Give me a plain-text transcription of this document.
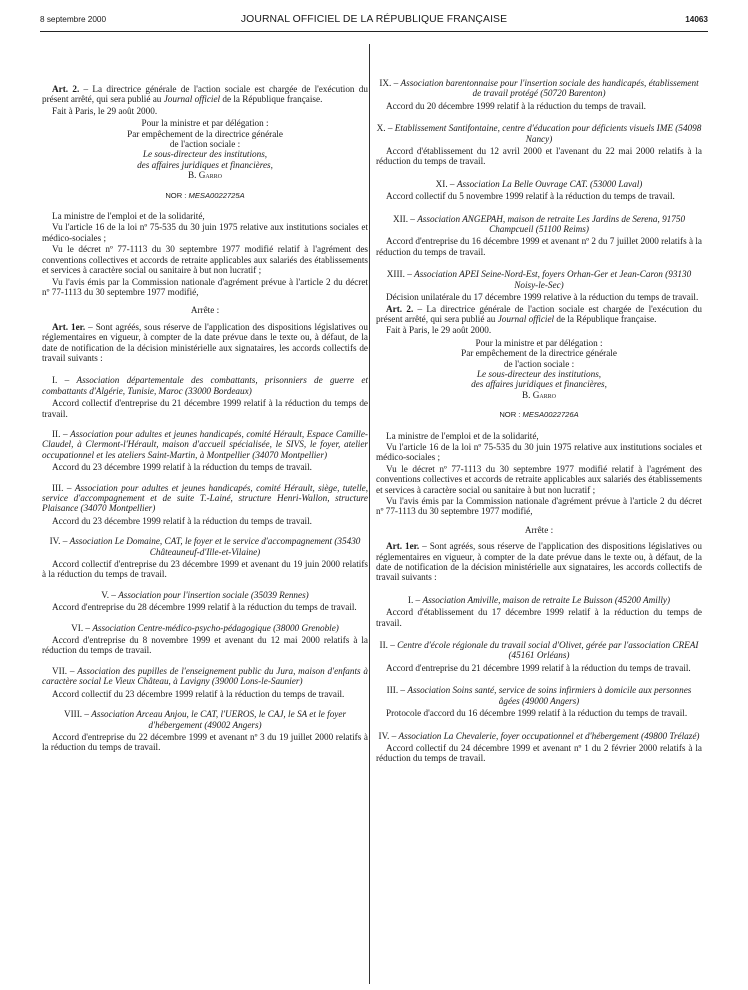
8 septembre 2000	JOURNAL OFFICIEL DE LA RÉPUBLIQUE FRANÇAISE	14063

Art. 2. – La directrice générale de l'action sociale est chargée de l'exécution du présent arrêté, qui sera publié au Journal officiel de la République française.

Fait à Paris, le 29 août 2000.

Pour la ministre et par délégation :
Par empêchement de la directrice générale
de l'action sociale :
Le sous-directeur des institutions,
des affaires juridiques et financières,
B. Garro
NOR : MESA0022725A

La ministre de l'emploi et de la solidarité,

Vu l'article 16 de la loi nº 75-535 du 30 juin 1975 relative aux institutions sociales et médico-sociales ;

Vu le décret nº 77-1113 du 30 septembre 1977 modifié relatif à l'agrément des conventions collectives et accords de retraite applicables aux salariés des établissements et services à caractère social ou sanitaire à but non lucratif ;

Vu l'avis émis par la Commission nationale d'agrément prévue à l'article 2 du décret nº 77-1113 du 30 septembre 1977 modifié,

Arrête :

Art. 1er. – Sont agréés, sous réserve de l'application des dispositions législatives ou réglementaires en vigueur, à compter de la date prévue dans le texte ou, à défaut, de la date de notification de la décision ministérielle aux signataires, les accords collectifs de travail suivants :

I. – Association départementale des combattants, prisonniers de guerre et combattants d'Algérie, Tunisie, Maroc (33000 Bordeaux)

Accord collectif d'entreprise du 21 décembre 1999 relatif à la réduction du temps de travail.

II. – Association pour adultes et jeunes handicapés, comité Hérault, Espace Camille-Claudel, à Clermont-l'Hérault, maison d'accueil spécialisée, le SIVS, le foyer, atelier occupationnel et les ateliers Saint-Martin, à Montpellier (34070 Montpellier)

Accord du 23 décembre 1999 relatif à la réduction du temps de travail.

III. – Association pour adultes et jeunes handicapés, comité Hérault, siège, tutelle, service d'accompagnement et de suite T.-Lainé, structure Henri-Wallon, structure Plaisance (34070 Montpellier)

Accord du 23 décembre 1999 relatif à la réduction du temps de travail.

IV. – Association Le Domaine, CAT, le foyer et le service d'accompagnement (35430 Châteauneuf-d'Ille-et-Vilaine)

Accord collectif d'entreprise du 23 décembre 1999 et avenant du 19 juin 2000 relatifs à la réduction du temps de travail.

V. – Association pour l'insertion sociale (35039 Rennes)

Accord d'entreprise du 28 décembre 1999 relatif à la réduction du temps de travail.

VI. – Association Centre-médico-psycho-pédagogique (38000 Grenoble)

Accord d'entreprise du 8 novembre 1999 et avenant du 12 mai 2000 relatifs à la réduction du temps de travail.

VII. – Association des pupilles de l'enseignement public du Jura, maison d'enfants à caractère social Le Vieux Château, à Lavigny (39000 Lons-le-Saunier)

Accord collectif du 23 décembre 1999 relatif à la réduction du temps de travail.

VIII. – Association Arceau Anjou, le CAT, l'UEROS, le CAJ, le SA et le foyer d'hébergement (49002 Angers)

Accord d'entreprise du 22 décembre 1999 et avenant nº 3 du 19 juillet 2000 relatifs à la réduction du temps de travail.

IX. – Association barentonnaise pour l'insertion sociale des handicapés, établissement de travail protégé (50720 Barenton)

Accord du 20 décembre 1999 relatif à la réduction du temps de travail.

X. – Etablissement Santifontaine, centre d'éducation pour déficients visuels IME (54098 Nancy)

Accord d'établissement du 12 avril 2000 et l'avenant du 22 mai 2000 relatifs à la réduction du temps de travail.

XI. – Association La Belle Ouvrage CAT. (53000 Laval)

Accord collectif du 5 novembre 1999 relatif à la réduction du temps de travail.

XII. – Association ANGEPAH, maison de retraite Les Jardins de Serena, 91750 Champcueil (51100 Reims)

Accord d'entreprise du 16 décembre 1999 et avenant nº 2 du 7 juillet 2000 relatifs à la réduction du temps de travail.

XIII. – Association APEI Seine-Nord-Est, foyers Orhan-Ger et Jean-Caron (93130 Noisy-le-Sec)

Décision unilatérale du 17 décembre 1999 relative à la réduction du temps de travail.

Art. 2. – La directrice générale de l'action sociale est chargée de l'exécution du présent arrêté, qui sera publié au Journal officiel de la République française.

Fait à Paris, le 29 août 2000.

Pour la ministre et par délégation :
Par empêchement de la directrice générale
de l'action sociale :
Le sous-directeur des institutions,
des affaires juridiques et financières,
B. Garro
NOR : MESA0022726A

La ministre de l'emploi et de la solidarité,

Vu l'article 16 de la loi nº 75-535 du 30 juin 1975 relative aux institutions sociales et médico-sociales ;

Vu le décret nº 77-1113 du 30 septembre 1977 modifié relatif à l'agrément des conventions collectives et accords de retraite applicables aux salariés des établissements et services à caractère social ou sanitaire à but non lucratif ;

Vu l'avis émis par la Commission nationale d'agrément prévue à l'article 2 du décret nº 77-1113 du 30 septembre 1977 modifié,

Arrête :

Art. 1er. – Sont agréés, sous réserve de l'application des dispositions législatives ou réglementaires en vigueur, à compter de la date prévue dans le texte ou, à défaut, de la date de notification de la décision ministérielle aux signataires, les accords collectifs de travail suivants :

I. – Association Amiville, maison de retraite Le Buisson (45200 Amilly)

Accord d'établissement du 17 décembre 1999 relatif à la réduction du temps de travail.

II. – Centre d'école régionale du travail social d'Olivet, gérée par l'association CREAI (45161 Orléans)

Accord d'entreprise du 21 décembre 1999 relatif à la réduction du temps de travail.

III. – Association Soins santé, service de soins infirmiers à domicile aux personnes âgées (49000 Angers)

Protocole d'accord du 16 décembre 1999 relatif à la réduction du temps de travail.

IV. – Association La Chevalerie, foyer occupationnel et d'hébergement (49800 Trélazé)

Accord collectif du 24 décembre 1999 et avenant nº 1 du 2 février 2000 relatifs à la réduction du temps de travail.
